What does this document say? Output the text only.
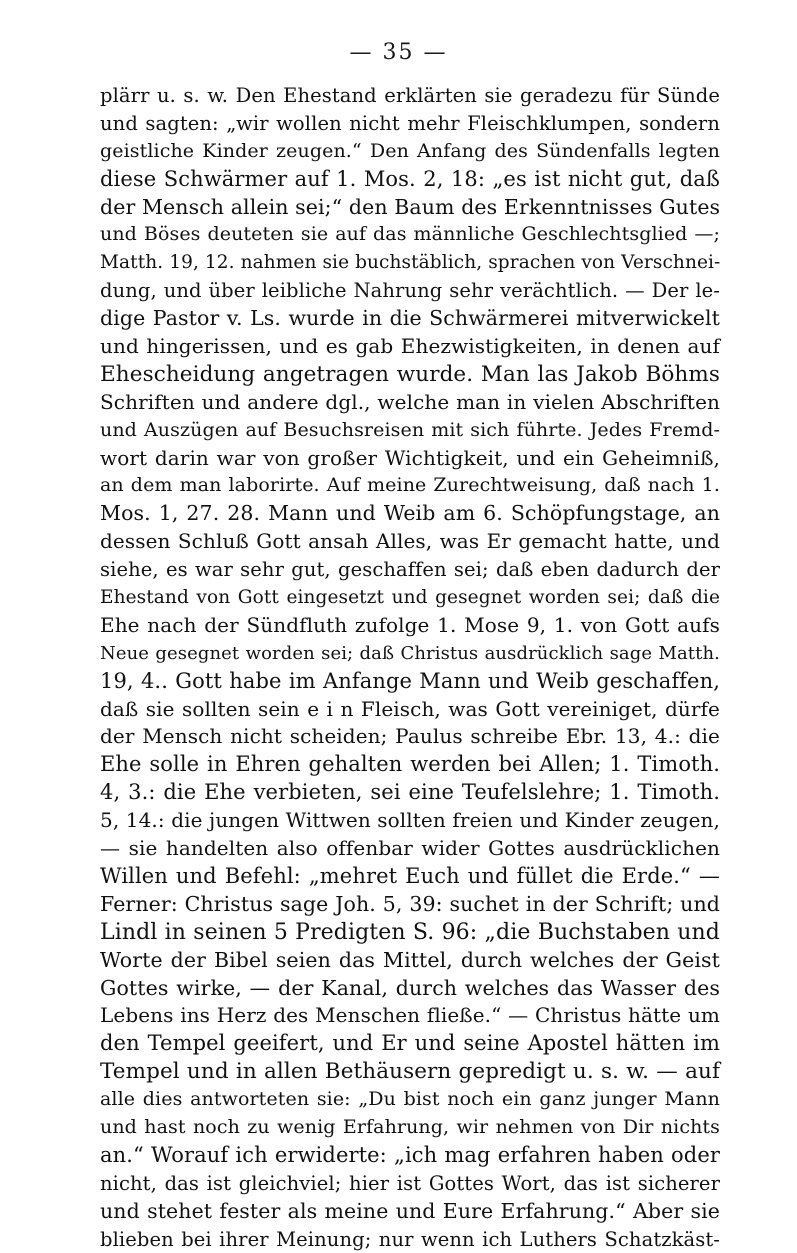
— 35 —
plärr u. s. w. Den Ehestand erklärten sie geradezu für Sünde
und sagten: „wir wollen nicht mehr Fleischklumpen, sondern
geistliche Kinder zeugen.“ Den Anfang des Sündenfalls legten
diese Schwärmer auf 1. Mos. 2, 18: „es ist nicht gut, daß
der Mensch allein sei;“ den Baum des Erkenntnisses Gutes
und Böses deuteten sie auf das männliche Geschlechtsglied —;
Matth. 19, 12. nahmen sie buchstäblich, sprachen von Verschnei-
dung, und über leibliche Nahrung sehr verächtlich. — Der le-
dige Pastor v. Ls. wurde in die Schwärmerei mitverwickelt
und hingerissen, und es gab Ehezwistigkeiten, in denen auf
Ehescheidung angetragen wurde. Man las Jakob Böhms
Schriften und andere dgl., welche man in vielen Abschriften
und Auszügen auf Besuchsreisen mit sich führte. Jedes Fremd-
wort darin war von großer Wichtigkeit, und ein Geheimniß,
an dem man laborirte. Auf meine Zurechtweisung, daß nach 1.
Mos. 1, 27. 28. Mann und Weib am 6. Schöpfungstage, an
dessen Schluß Gott ansah Alles, was Er gemacht hatte, und
siehe, es war sehr gut, geschaffen sei; daß eben dadurch der
Ehestand von Gott eingesetzt und gesegnet worden sei; daß die
Ehe nach der Sündfluth zufolge 1. Mose 9, 1. von Gott aufs
Neue gesegnet worden sei; daß Christus ausdrücklich sage Matth.
19, 4.. Gott habe im Anfange Mann und Weib geschaffen,
daß sie sollten sein e i n Fleisch, was Gott vereiniget, dürfe
der Mensch nicht scheiden; Paulus schreibe Ebr. 13, 4.: die
Ehe solle in Ehren gehalten werden bei Allen; 1. Timoth.
4, 3.: die Ehe verbieten, sei eine Teufelslehre; 1. Timoth.
5, 14.: die jungen Wittwen sollten freien und Kinder zeugen,
— sie handelten also offenbar wider Gottes ausdrücklichen
Willen und Befehl: „mehret Euch und füllet die Erde.“ —
Ferner: Christus sage Joh. 5, 39: suchet in der Schrift; und
Lindl in seinen 5 Predigten S. 96: „die Buchstaben und
Worte der Bibel seien das Mittel, durch welches der Geist
Gottes wirke, — der Kanal, durch welches das Wasser des
Lebens ins Herz des Menschen fließe.“ — Christus hätte um
den Tempel geeifert, und Er und seine Apostel hätten im
Tempel und in allen Bethäusern gepredigt u. s. w. — auf
alle dies antworteten sie: „Du bist noch ein ganz junger Mann
und hast noch zu wenig Erfahrung, wir nehmen von Dir nichts
an.“ Worauf ich erwiderte: „ich mag erfahren haben oder
nicht, das ist gleichviel; hier ist Gottes Wort, das ist sicherer
und stehet fester als meine und Eure Erfahrung.“ Aber sie
blieben bei ihrer Meinung; nur wenn ich Luthers Schatzkäst-
